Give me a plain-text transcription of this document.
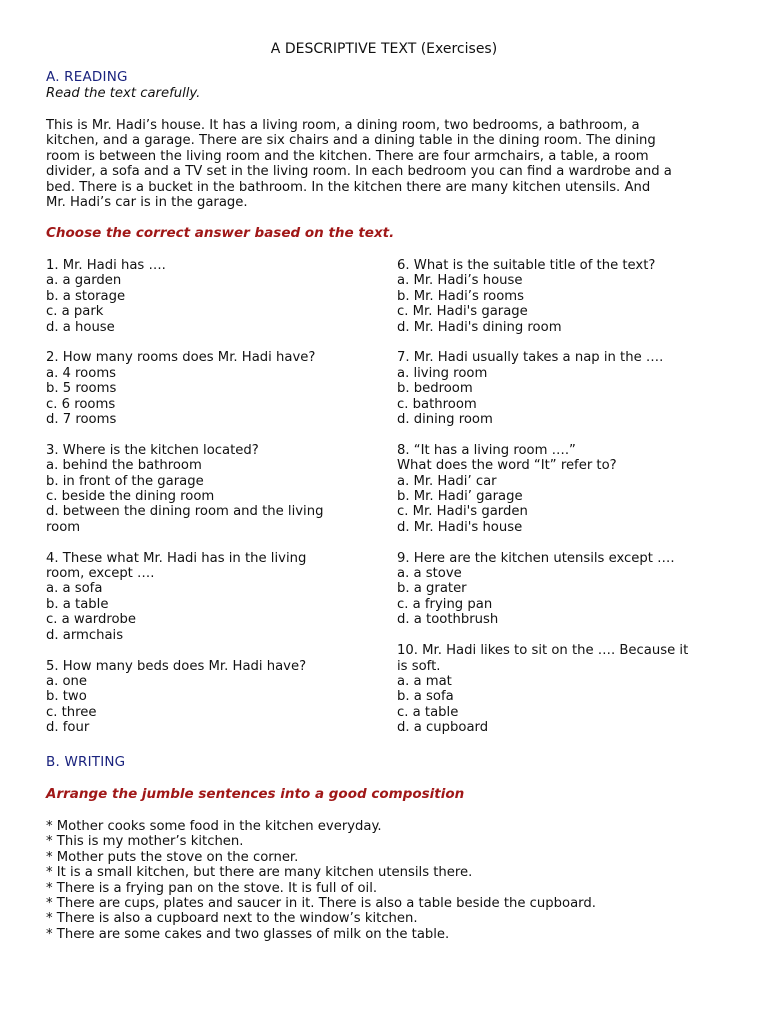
A DESCRIPTIVE TEXT (Exercises)
A. READING
Read the text carefully.
This is Mr. Hadi’s house. It has a living room, a dining room, two bedrooms, a bathroom, a
kitchen, and a garage. There are six chairs and a dining table in the dining room. The dining
room is between the living room and the kitchen. There are four armchairs, a table, a room
divider, a sofa and a TV set in the living room. In each bedroom you can find a wardrobe and a
bed. There is a bucket in the bathroom. In the kitchen there are many kitchen utensils. And
Mr. Hadi’s car is in the garage.
Choose the correct answer based on the text.
1. Mr. Hadi has ….
a. a garden
b. a storage
c. a park
d. a house
2. How many rooms does Mr. Hadi have?
a. 4 rooms
b. 5 rooms
c. 6 rooms
d. 7 rooms
3. Where is the kitchen located?
a. behind the bathroom
b. in front of the garage
c. beside the dining room
d. between the dining room and the living
room
4. These what Mr. Hadi has in the living
room, except ….
a. a sofa
b. a table
c. a wardrobe
d. armchais
5. How many beds does Mr. Hadi have?
a. one
b. two
c. three
d. four
6. What is the suitable title of the text?
a. Mr. Hadi’s house
b. Mr. Hadi’s rooms
c. Mr. Hadi's garage
d. Mr. Hadi's dining room
7. Mr. Hadi usually takes a nap in the ….
a. living room
b. bedroom
c. bathroom
d. dining room
8. “It has a living room ….”
What does the word “It” refer to?
a. Mr. Hadi’ car
b. Mr. Hadi’ garage
c. Mr. Hadi's garden
d. Mr. Hadi's house
9. Here are the kitchen utensils except ….
a. a stove
b. a grater
c. a frying pan
d. a toothbrush
10. Mr. Hadi likes to sit on the …. Because it
is soft.
a. a mat
b. a sofa
c. a table
d. a cupboard
B. WRITING
Arrange the jumble sentences into a good composition
* Mother cooks some food in the kitchen everyday.
* This is my mother’s kitchen.
* Mother puts the stove on the corner.
* It is a small kitchen, but there are many kitchen utensils there.
* There is a frying pan on the stove. It is full of oil.
* There are cups, plates and saucer in it. There is also a table beside the cupboard.
* There is also a cupboard next to the window’s kitchen.
* There are some cakes and two glasses of milk on the table.
